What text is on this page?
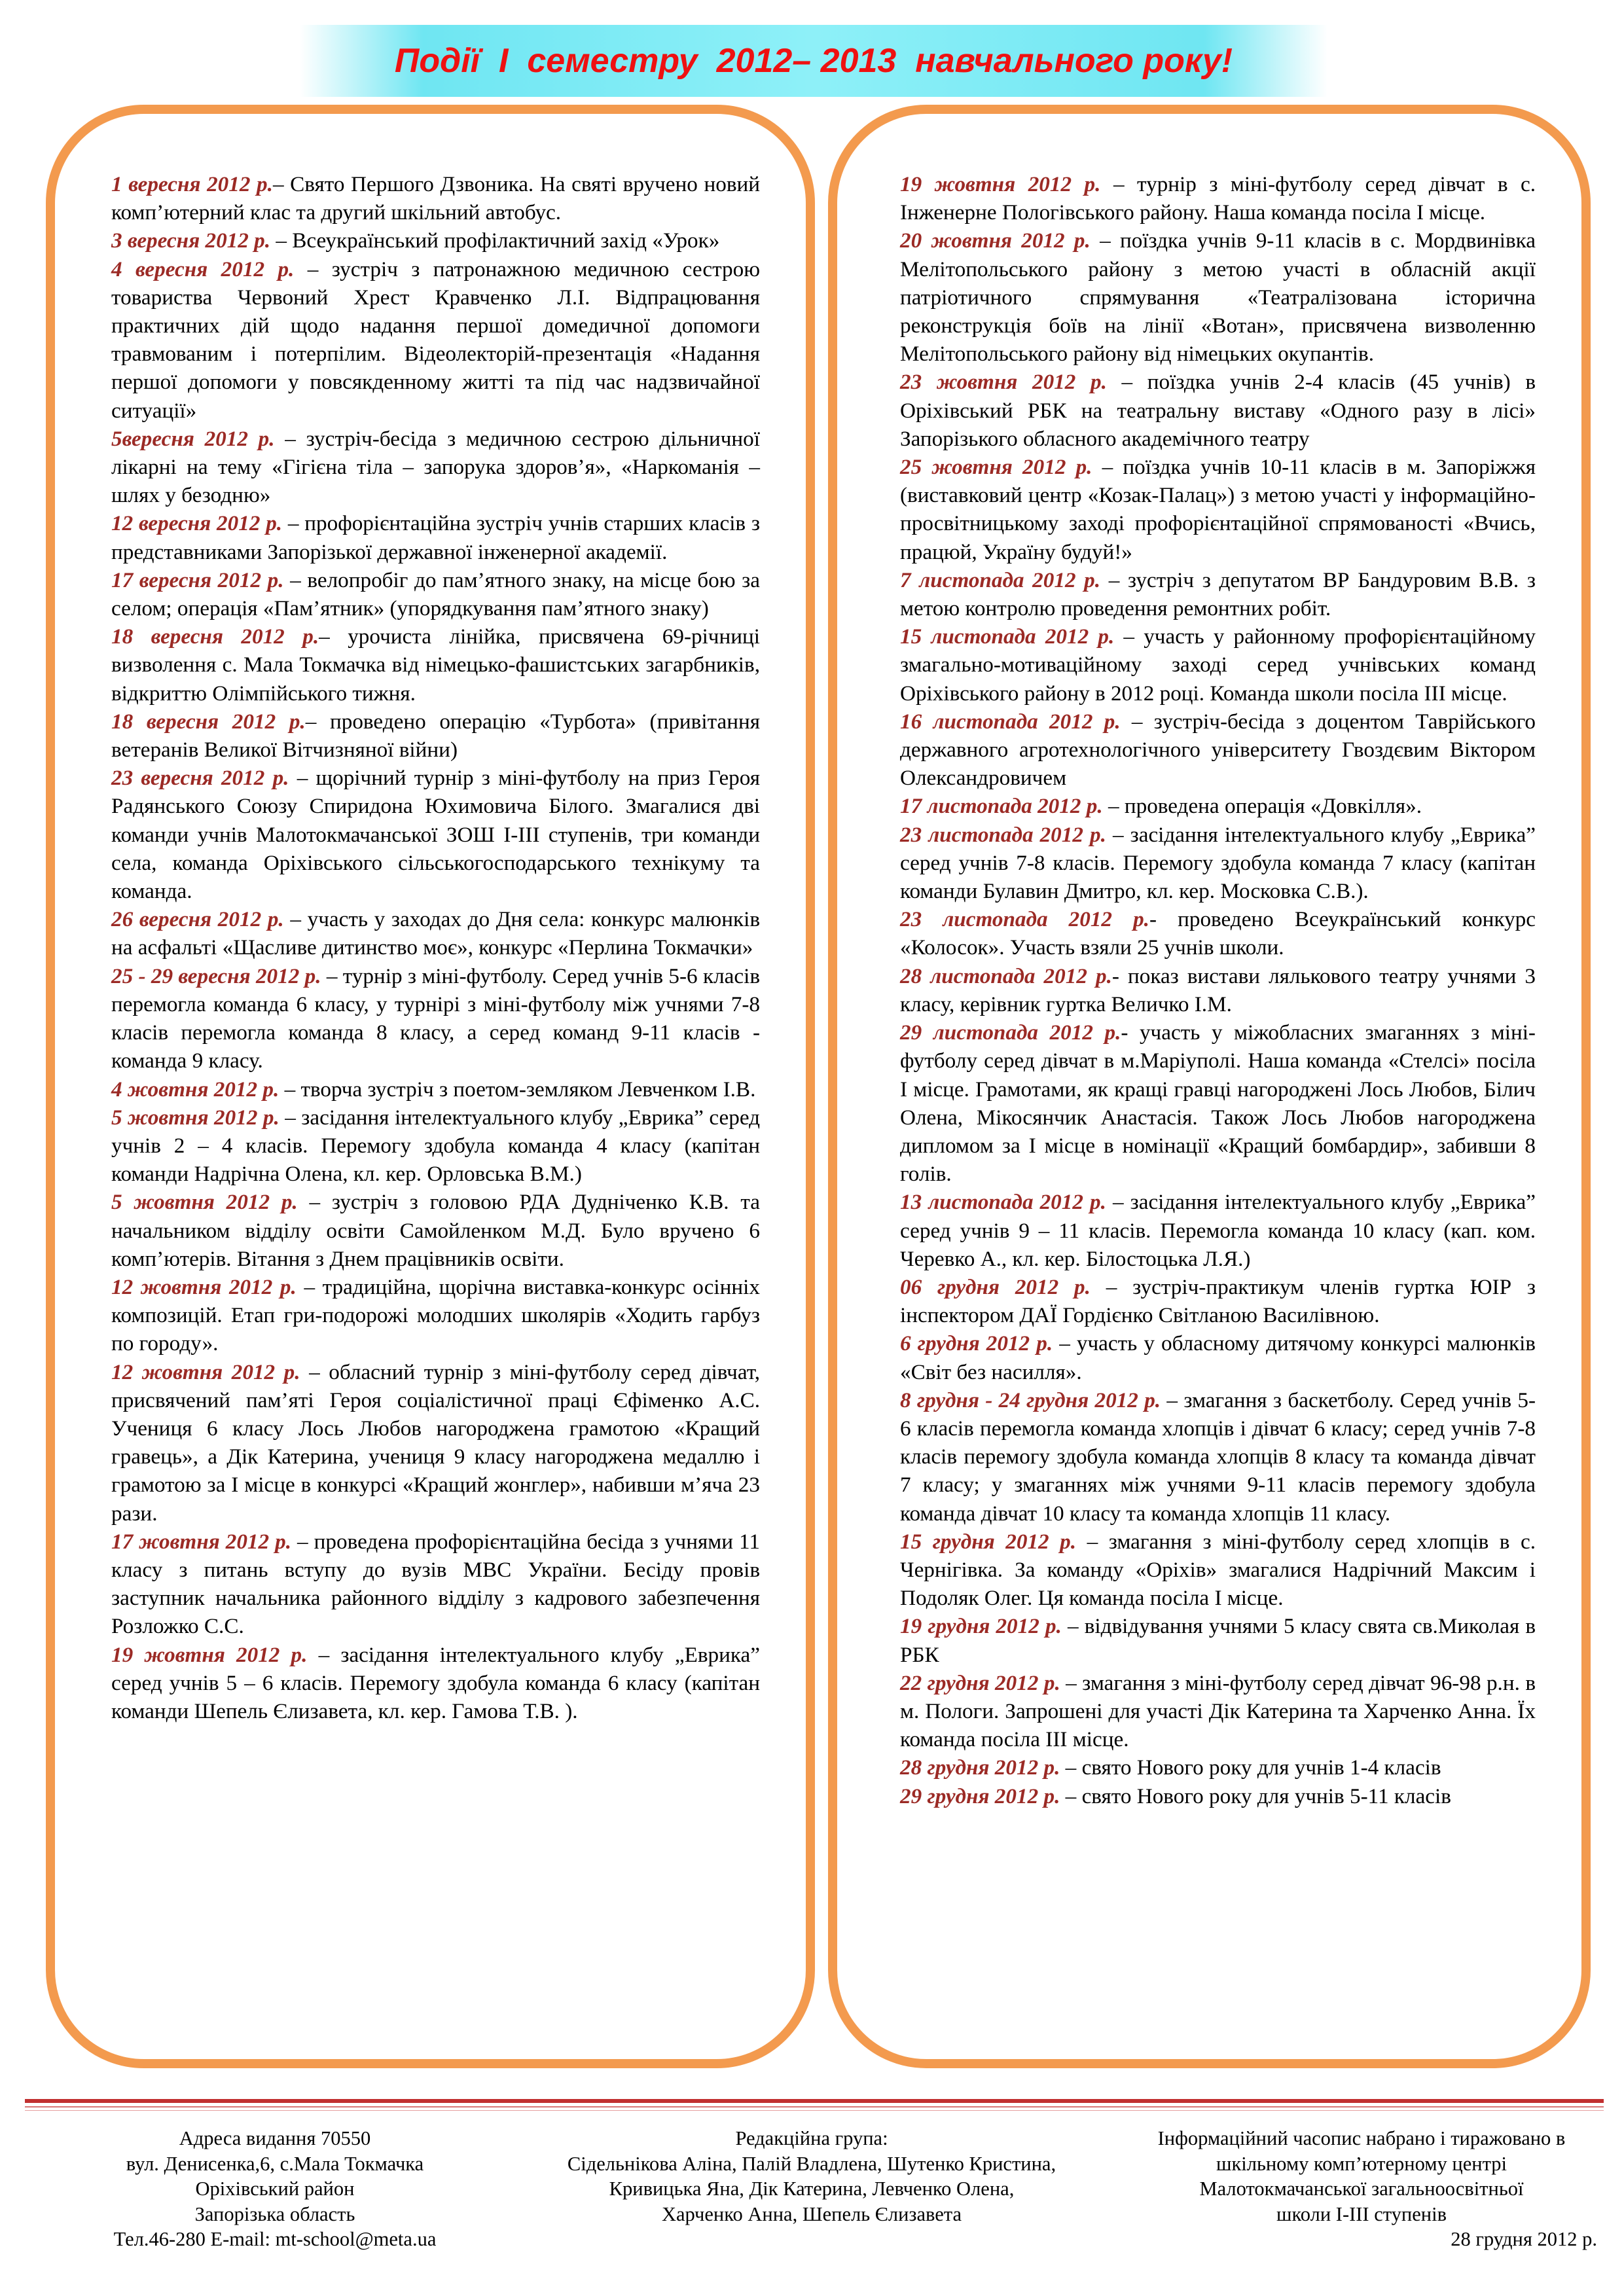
Події  І  семестру  2012– 2013  навчального року!

1 вересня 2012 р.– Свято Першого Дзвоника. На святі вручено новий комп’ютерний клас та другий шкільний автобус.

3 вересня 2012 р. – Всеукраїнський профілактичний захід «Урок»

4 вересня 2012 р. – зустріч з патронажною медичною сестрою товариства Червоний Хрест Кравченко Л.І. Відпрацювання практичних дій щодо надання першої домедичної допомоги травмованим і потерпілим. Відеолекторій-презентація «Надання першої допомоги у повсякденному житті та під час надзвичайної ситуації»

5вересня 2012 р. – зустріч-бесіда з медичною сестрою дільничної лікарні на тему «Гігієна тіла – запорука здоров’я», «Наркоманія – шлях у безодню»

12 вересня 2012 р. – профорієнтаційна зустріч учнів старших класів з представниками Запорізької державної інженерної академії.

17 вересня 2012 р. – велопробіг до пам’ятного знаку, на місце бою за селом; операція «Пам’ятник» (упорядкування пам’ятного знаку)

18 вересня 2012 р.– урочиста лінійка, присвячена 69-річниці визволення с. Мала Токмачка від німецько-фашистських загарбників, відкриттю Олімпійського тижня.

18 вересня 2012 р.– проведено операцію «Турбота» (привітання ветеранів Великої Вітчизняної війни)

23 вересня 2012 р. – щорічний турнір з міні-футболу на приз Героя Радянського Союзу Спиридона Юхимовича Білого. Змагалися дві команди учнів Малотокмачанської ЗОШ І-ІІІ ступенів, три команди села, команда Оріхівського сільськогосподарського технікуму та команда.

26 вересня 2012 р. – участь у заходах до Дня села: конкурс малюнків на асфальті «Щасливе дитинство моє», конкурс «Перлина Токмачки»

25 - 29 вересня 2012 р. – турнір з міні-футболу. Серед учнів 5-6 класів перемогла команда 6 класу, у турнірі з міні-футболу між учнями 7-8 класів перемогла команда 8 класу, а серед команд 9-11 класів - команда 9 класу.

4 жовтня 2012 р. – творча зустріч з поетом-земляком Левченком І.В.

5 жовтня 2012 р. – засідання інтелектуального клубу „Еврика” серед учнів 2 – 4 класів. Перемогу здобула команда 4 класу (капітан команди Надрічна Олена, кл. кер. Орловська В.М.)

5 жовтня 2012 р. – зустріч з головою РДА Дудніченко К.В. та начальником відділу освіти Самойленком М.Д. Було вручено 6 комп’ютерів. Вітання з Днем працівників освіти.

12 жовтня 2012 р. – традиційна, щорічна виставка-конкурс осінніх композицій. Етап гри-подорожі молодших школярів «Ходить гарбуз по городу».

12 жовтня 2012 р. – обласний турнір з міні-футболу серед дівчат, присвячений пам’яті Героя соціалістичної праці Єфіменко А.С. Учениця 6 класу Лось Любов нагороджена грамотою «Кращий гравець», а Дік Катерина, учениця 9 класу нагороджена медаллю і грамотою за І місце в конкурсі «Кращий жонглер», набивши м’яча 23 рази.

17 жовтня 2012 р. – проведена профорієнтаційна бесіда з учнями 11 класу з питань вступу до вузів МВС України. Бесіду провів заступник начальника районного відділу з кадрового забезпечення Розложко С.С.

19 жовтня 2012 р. – засідання інтелектуального клубу „Еврика” серед учнів 5 – 6 класів. Перемогу здобула команда 6 класу (капітан команди Шепель Єлизавета, кл. кер. Гамова Т.В. ).

19 жовтня 2012 р. – турнір з міні-футболу серед дівчат в с. Інженерне Пологівського району. Наша команда посіла І місце.

20 жовтня 2012 р. – поїздка учнів 9-11 класів в с. Мордвинівка Мелітопольського району з метою участі в обласній акції патріотичного спрямування «Театралізована історична реконструкція боїв на лінії «Вотан», присвячена визволенню Мелітопольського району від німецьких окупантів.

23 жовтня 2012 р. – поїздка учнів 2-4 класів (45 учнів) в Оріхівський РБК на театральну виставу «Одного разу в лісі» Запорізького обласного академічного театру

25 жовтня 2012 р. – поїздка учнів 10-11 класів в м. Запоріжжя (виставковий центр «Козак-Палац») з метою участі у інформаційно-просвітницькому заході профорієнтаційної спрямованості «Вчись, працюй, Україну будуй!»

7 листопада 2012 р. – зустріч з депутатом ВР Бандуровим В.В. з метою контролю проведення ремонтних робіт.

15 листопада 2012 р. – участь у районному профорієнтаційному змагально-мотиваційному заході серед учнівських команд Оріхівського району в 2012 році. Команда школи посіла ІІІ місце.

16 листопада 2012 р. – зустріч-бесіда з доцентом Таврійського державного агротехнологічного університету Гвоздєвим Віктором Олександровичем

17 листопада 2012 р. – проведена операція «Довкілля».

23 листопада 2012 р. – засідання інтелектуального клубу „Еврика” серед учнів 7-8 класів. Перемогу здобула команда 7 класу (капітан команди Булавин Дмитро, кл. кер. Московка С.В.).

23 листопада 2012 р.- проведено Всеукраїнський конкурс «Колосок». Участь взяли 25 учнів школи.

28 листопада 2012 р.- показ вистави лялькового театру учнями 3 класу, керівник гуртка Величко І.М.

29 листопада 2012 р.- участь у міжобласних змаганнях з міні-футболу серед дівчат в м.Маріуполі. Наша команда «Стелсі» посіла І місце. Грамотами, як кращі гравці нагороджені Лось Любов, Білич Олена, Мікосянчик Анастасія. Також Лось Любов нагороджена дипломом за І місце в номінації «Кращий бомбардир», забивши 8 голів.

13 листопада 2012 р. – засідання інтелектуального клубу „Еврика” серед учнів 9 – 11 класів. Перемогла команда 10 класу (кап. ком. Черевко А., кл. кер. Білостоцька Л.Я.)

06 грудня 2012 р. – зустріч-практикум членів гуртка ЮІР з інспектором ДАЇ Гордієнко Світланою Василівною.

6 грудня 2012 р. – участь у обласному дитячому конкурсі малюнків «Світ без насилля».

8 грудня - 24 грудня 2012 р. – змагання з баскетболу. Серед учнів 5-6 класів перемогла команда хлопців і дівчат 6 класу; серед учнів 7-8 класів перемогу здобула команда хлопців 8 класу та команда дівчат 7 класу; у змаганнях між учнями 9-11 класів перемогу здобула команда дівчат 10 класу та команда хлопців 11 класу.

15 грудня 2012 р. – змагання з міні-футболу серед хлопців в с. Чернігівка. За команду «Оріхів» змагалися Надрічний Максим і Подоляк Олег. Ця команда посіла І місце.

19 грудня 2012 р. – відвідування учнями 5 класу свята св.Миколая в РБК

22 грудня 2012 р. – змагання з міні-футболу серед дівчат 96-98 р.н. в м. Пологи. Запрошені для участі Дік Катерина та Харченко Анна. Їх команда посіла ІІІ місце.

28 грудня 2012 р. – свято Нового року для учнів 1-4 класів

29 грудня 2012 р. – свято Нового року для учнів 5-11 класів

Адреса видання 70550
вул. Денисенка,6, с.Мала Токмачка
Оріхівський район
Запорізька область
Тел.46-280 E-mail: mt-school@meta.ua
Редакційна група:
Сідельнікова Аліна, Палій Владлена, Шутенко Кристина,
Кривицька Яна, Дік Катерина, Левченко Олена,
Харченко Анна, Шепель Єлизавета
Інформаційний часопис набрано і тиражовано в
шкільному комп’ютерному центрі
Малотокмачанської загальноосвітньої
школи І-ІІІ ступенів
28 грудня 2012 р.
